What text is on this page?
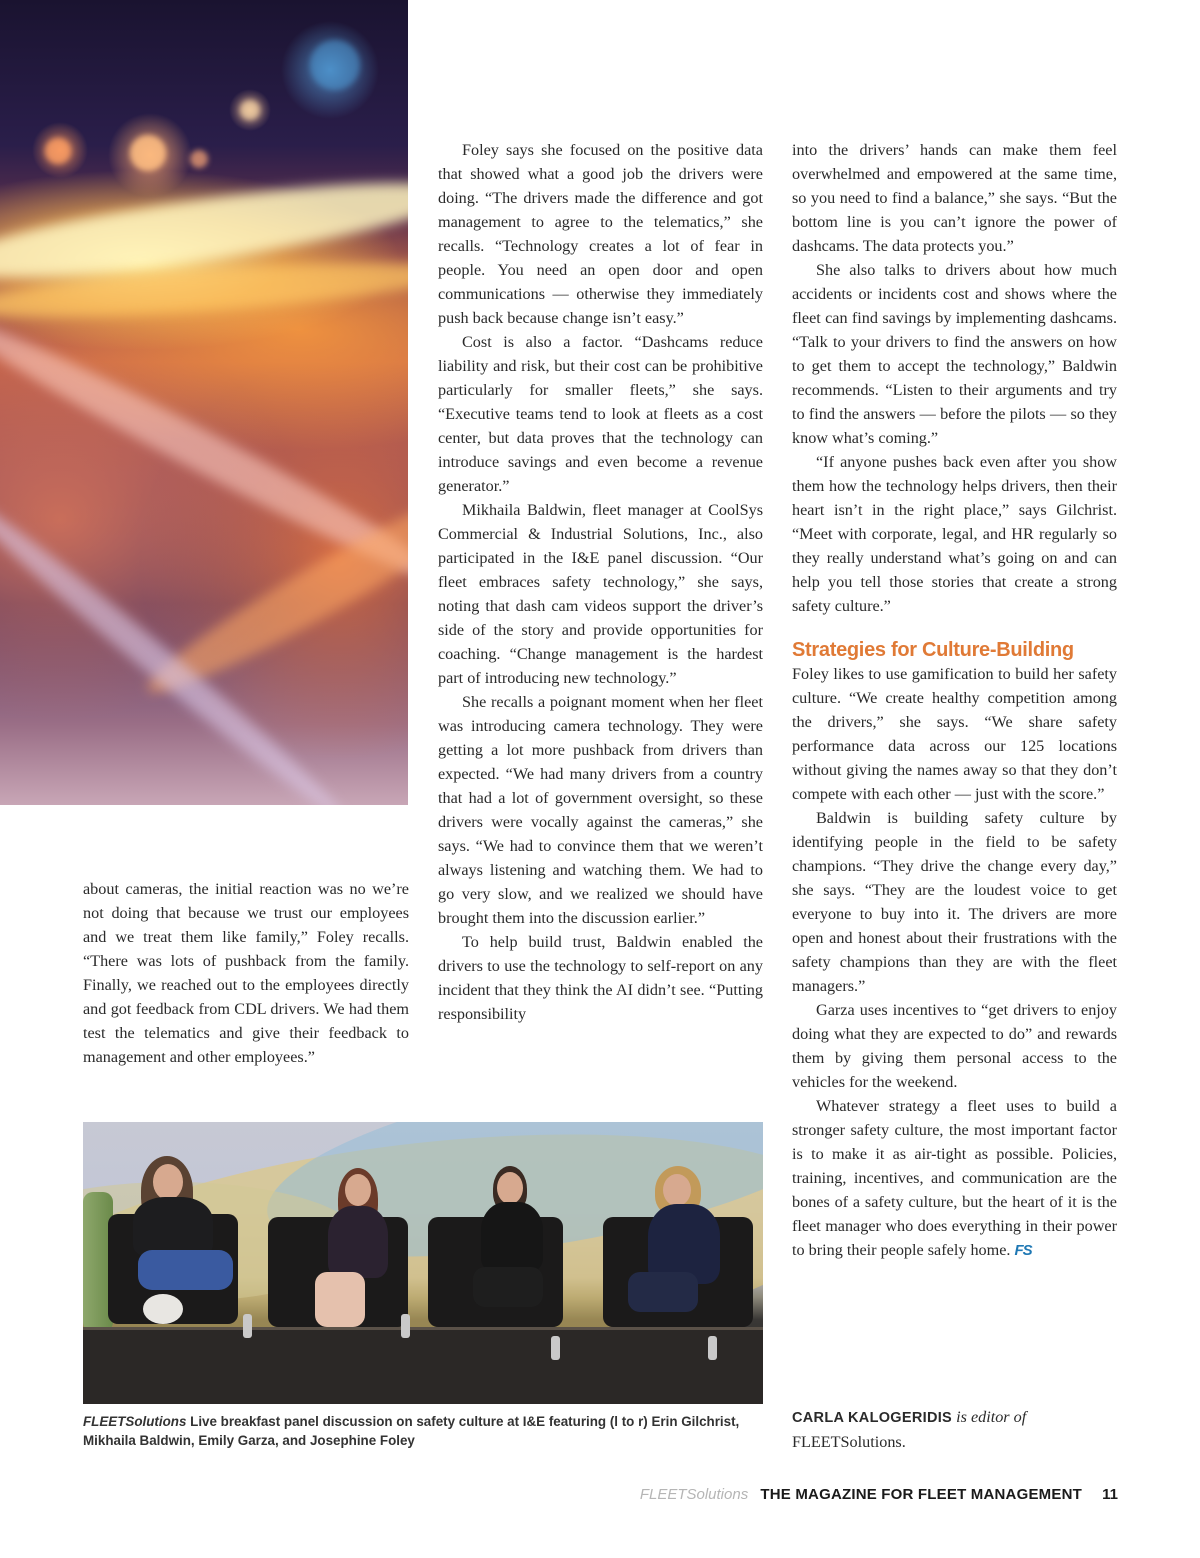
about cameras, the initial reaction was no we’re not doing that because we trust our employees and we treat them like family,” Foley recalls. “There was lots of pushback from the family. Finally, we reached out to the employees directly and got feedback from CDL drivers. We had them test the telematics and give their feedback to management and other employees.”

Foley says she focused on the positive data that showed what a good job the drivers were doing. “The drivers made the difference and got management to agree to the telematics,” she recalls. “Technology creates a lot of fear in people. You need an open door and open communications — otherwise they immediately push back because change isn’t easy.”

Cost is also a factor. “Dashcams reduce liability and risk, but their cost can be prohibitive particularly for smaller fleets,” she says. “Executive teams tend to look at fleets as a cost center, but data proves that the technology can introduce savings and even become a revenue generator.”

Mikhaila Baldwin, fleet manager at CoolSys Commercial & Industrial Solutions, Inc., also participated in the I&E panel discussion. “Our fleet embraces safety technology,” she says, noting that dash cam videos support the driver’s side of the story and provide opportunities for coaching. “Change management is the hardest part of introducing new technology.”

She recalls a poignant moment when her fleet was introducing camera technology. They were getting a lot more pushback from drivers than expected. “We had many drivers from a country that had a lot of government oversight, so these drivers were vocally against the cameras,” she says. “We had to convince them that we weren’t always listening and watching them. We had to go very slow, and we realized we should have brought them into the discussion earlier.”

To help build trust, Baldwin enabled the drivers to use the technology to self-report on any incident that they think the AI didn’t see. “Putting responsibility

into the drivers’ hands can make them feel overwhelmed and empowered at the same time, so you need to find a balance,” she says. “But the bottom line is you can’t ignore the power of dashcams. The data protects you.”

She also talks to drivers about how much accidents or incidents cost and shows where the fleet can find savings by implementing dashcams. “Talk to your drivers to find the answers on how to get them to accept the technology,” Baldwin recommends. “Listen to their arguments and try to find the answers — before the pilots — so they know what’s coming.”

“If anyone pushes back even after you show them how the technology helps drivers, then their heart isn’t in the right place,” says Gilchrist. “Meet with corporate, legal, and HR regularly so they really understand what’s going on and can help you tell those stories that create a strong safety culture.”

Strategies for Culture-Building

Foley likes to use gamification to build her safety culture. “We create healthy competition among the drivers,” she says. “We share safety performance data across our 125 locations without giving the names away so that they don’t compete with each other — just with the score.”

Baldwin is building safety culture by identifying people in the field to be safety champions. “They drive the change every day,” she says. “They are the loudest voice to get everyone to buy into it. The drivers are more open and honest about their frustrations with the safety champions than they are with the fleet managers.”

Garza uses incentives to “get drivers to enjoy doing what they are expected to do” and rewards them by giving them personal access to the vehicles for the weekend.

Whatever strategy a fleet uses to build a stronger safety culture, the most important factor is to make it as air-tight as possible. Policies, training, incentives, and communication are the bones of a safety culture, but the heart of it is the fleet manager who does everything in their power to bring their people safely home. FS

FLEETSolutions Live breakfast panel discussion on safety culture at I&E featuring (l to r) Erin Gilchrist, Mikhaila Baldwin, Emily Garza, and Josephine Foley
CARLA KALOGERIDIS is editor of
FLEETSolutions.
FLEETSolutions THE MAGAZINE FOR FLEET MANAGEMENT 11
